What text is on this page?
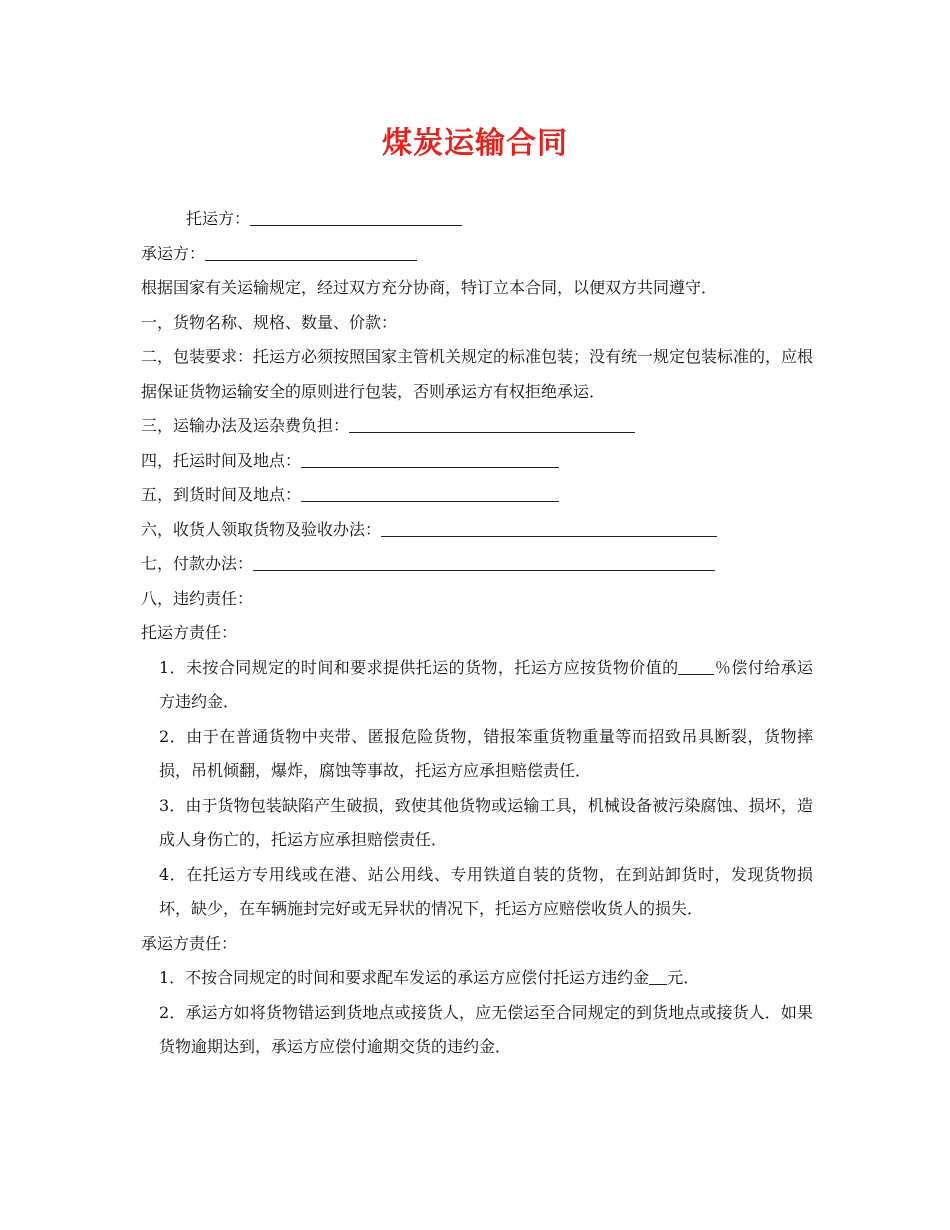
煤炭运输合同
托运方：
承运方：
根据国家有关运输规定，经过双方充分协商，特订立本合同，以便双方共同遵守．
一，货物名称、规格、数量、价款：
二，包装要求：托运方必须按照国家主管机关规定的标准包装；没有统一规定包装标准的，应根据保证货物运输安全的原则进行包装，否则承运方有权拒绝承运．
三，运输办法及运杂费负担：
四，托运时间及地点：
五，到货时间及地点：
六，收货人领取货物及验收办法：
七，付款办法：
八，违约责任：
托运方责任：
1．未按合同规定的时间和要求提供托运的货物，托运方应按货物价值的 ％偿付给承运方违约金．
2．由于在普通货物中夹带、匿报危险货物，错报笨重货物重量等而招致吊具断裂，货物摔损，吊机倾翻，爆炸，腐蚀等事故，托运方应承担赔偿责任．
3．由于货物包装缺陷产生破损，致使其他货物或运输工具，机械设备被污染腐蚀、损坏，造成人身伤亡的，托运方应承担赔偿责任．
4．在托运方专用线或在港、站公用线、专用铁道自装的货物，在到站卸货时，发现货物损坏，缺少，在车辆施封完好或无异状的情况下，托运方应赔偿收货人的损失．
承运方责任：
1．不按合同规定的时间和要求配车发运的承运方应偿付托运方违约金 元．
2．承运方如将货物错运到货地点或接货人，应无偿运至合同规定的到货地点或接货人．如果货物逾期达到，承运方应偿付逾期交货的违约金．
